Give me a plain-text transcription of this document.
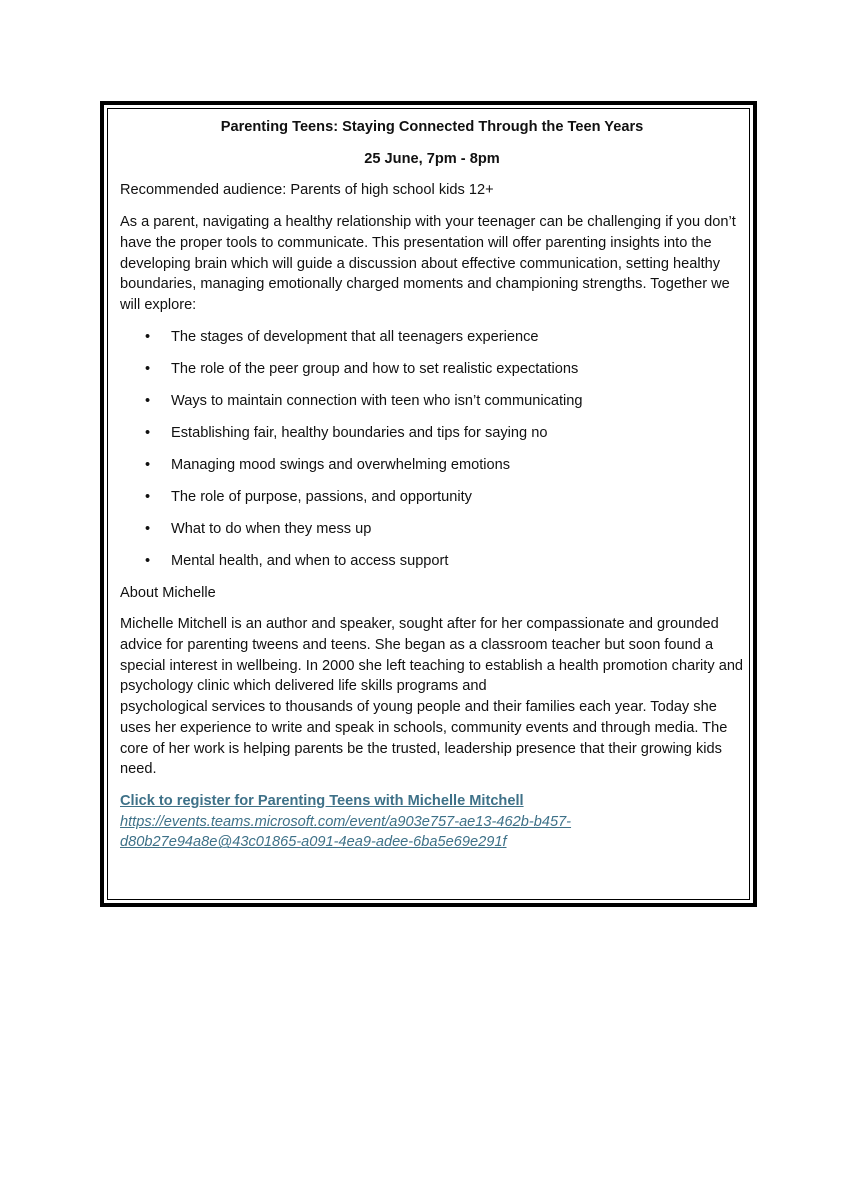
Parenting Teens: Staying Connected Through the Teen Years
25 June, 7pm - 8pm
Recommended audience: Parents of high school kids 12+
As a parent, navigating a healthy relationship with your teenager can be challenging if you don’t have the proper tools to communicate. This presentation will offer parenting insights into the developing brain which will guide a discussion about effective communication, setting healthy boundaries, managing emotionally charged moments and championing strengths. Together we will explore:
• The stages of development that all teenagers experience
• The role of the peer group and how to set realistic expectations
• Ways to maintain connection with teen who isn’t communicating
• Establishing fair, healthy boundaries and tips for saying no
• Managing mood swings and overwhelming emotions
• The role of purpose, passions, and opportunity
• What to do when they mess up
• Mental health, and when to access support
About Michelle
Michelle Mitchell is an author and speaker, sought after for her compassionate and grounded advice for parenting tweens and teens. She began as a classroom teacher but soon found a special interest in wellbeing. In 2000 she left teaching to establish a health promotion charity and psychology clinic which delivered life skills programs and
psychological services to thousands of young people and their families each year. Today she uses her experience to write and speak in schools, community events and through media. The core of her work is helping parents be the trusted, leadership presence that their growing kids need.
Click to register for Parenting Teens with Michelle Mitchell
https://events.teams.microsoft.com/event/a903e757-ae13-462b-b457-
d80b27e94a8e@43c01865-a091-4ea9-adee-6ba5e69e291f
